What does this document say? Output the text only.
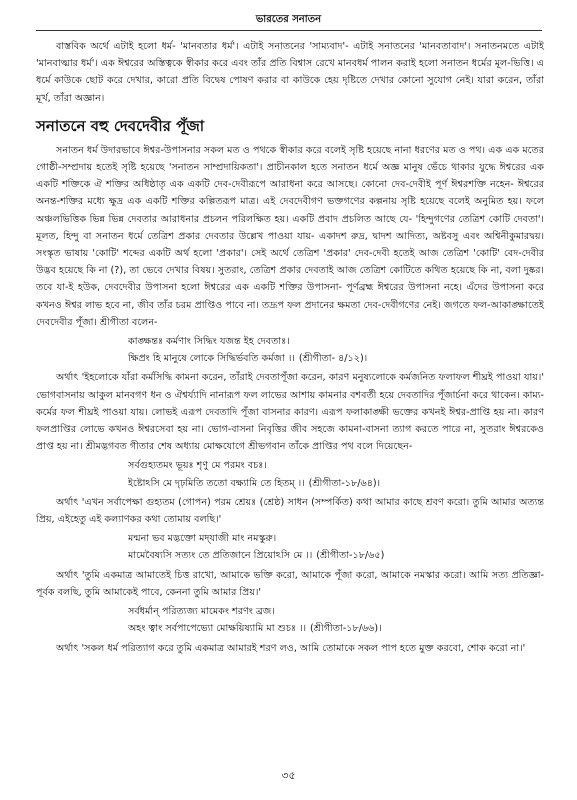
ভারতের সনাতন

বাস্তবিক অর্থে এটাই হলো ধর্ম- 'মানবতার ধর্ম'। এটাই সনাতনের 'সাম্যবাদ'- এটাই সনাতনের 'মানবতাবাদ'। সনাতনমতে এটাই 'মানবাত্মার ধর্ম'। এক ঈশ্বরের অস্তিত্বকে স্বীকার করে এবং তাঁর প্রতি বিশ্বাস রেখে মানবধর্ম পালন করাই হলো সনাতন ধর্মের মূল-ভিত্তি। এ ধর্মে কাউকে ছোট করে দেখার, কারো প্রতি বিদ্বেষ পোষণ করার বা কাউকে হেয় দৃষ্টিতে দেখার কোনো সুযোগ নেই। যারা করেন, তাঁরা মূর্খ, তাঁরা অজ্ঞান।

সনাতনে বহু দেবদেবীর পূঁজা

সনাতন ধর্ম উদারভাবে ঈশ্বর-উপাসনার সকল মত ও পথকে স্বীকার করে বলেই সৃষ্টি হয়েছে নানা ধরণের মত ও পথ। এক এক মতের গোষ্ঠী-সম্প্রদায় হতেই সৃষ্টি হয়েছে 'সনাতন সাম্প্রদায়িকতা'। প্রাচীনকাল হতে সনাতন ধর্মে অজ্ঞ মানুষ ভেঁচে থাকার যুদ্ধে ঈশ্বরের এক একটি শক্তিকে ঐ শক্তির অধিষ্ঠাতৃ এক একটি দেব-দেবীরূপে আরাধনা করে আসছে। কোনো দেব-দেবীই পূর্ণ ঈশ্বরশক্তি নহেন- ঈশ্বরের অনন্ত-শক্তির মধ্যে ক্ষুদ্র এক একটি শক্তির কল্পিতরূপ মাত্র। এই দেবদেবীগণ ভক্তগণের কল্পনায় সৃষ্টি হয়েছে বলেই অনুমিত হয়। ফলে অঞ্চলভিত্তিক ভিন্ন ভিন্ন দেবতার আরাধনার প্রচলন পরিলক্ষিত হয়। একটি প্রবাদ প্রচলিত আছে যে- 'হিন্দুগণের তেত্রিশ কোটি দেবতা'। মূলত, হিন্দু বা সনাতন ধর্মে তেত্রিশ প্রকার দেবতার উল্লেখ পাওয়া যায়- একাদশ রুদ্র, দ্বাদশ আদিত্য, অষ্টবসু এবং অশ্বিনীকুমারদ্বয়। সংস্কৃত ভাষায় 'কোটি' শব্দের একটি অর্থ হলো 'প্রকার'। সেই অর্থে তেত্রিশ 'প্রকার' দেব-দেবী হতেই আজ তেত্রিশ 'কোটি' বেদ-দেবীর উদ্ভব হয়েছে কি না (?), তা ভেবে দেখার বিষয়। সুতরাং, তেত্রিশ প্রকার দেবতাই আজ তেত্রিশ কোটিতে কথিত হয়েছে কি না, বলা দুষ্কর। তবে যা-ই হউক, দেবদেবীর উপাসনা হলো ঈশ্বরের এক একটি শক্তির উপাসনা- পূর্ণব্রহ্ম ঈশ্বরের উপাসনা নহে। এঁদের উপাসনা করে কখনও ঈশ্বর লাভ হবে না, জীব তাঁর চরম প্রাপ্তিও পাবে না। তদ্রূপ ফল প্রদানের ক্ষমতা দেব-দেবীগণের নেই। জগতে ফল-আকাঙ্ক্ষাতেই দেবদেবীর পূঁজা। শ্রীগীতা বলেন-

কাঙ্ক্ষন্তঃ কর্মণাং সিদ্ধিং যজন্ত ইহ দেবতাঃ।
ক্ষিপ্রং হি মানুষে লোকে সিদ্ধির্ভবতি কর্মজা ।। (শ্রীগীতা- ৪/১২)।

অর্থাৎ 'ইহলোকে যাঁরা কর্মসিদ্ধি কামনা করেন, তাঁরাই দেবতাপূঁজা করেন, কারণ মনুষ্যলোকে কর্মজনিত ফলাফল শীঘ্রই পাওয়া যায়।' ভোগবাসনায় আকুল মানবগণ ধন ও ঐশ্বর্য্যাদি নানারূপ ফল লাভের আশায় কামনার বশবর্তী হয়ে দেবতাদির পূঁজার্চনা করে থাকেন। কাম্য-কর্মের ফল শীঘ্রই পাওয়া যায়। লোভই এরূপ দেবতাদি পূঁজা বাসনার কারণ। এরূপ ফলাকাঙ্ক্ষী ভক্তের কখনই ঈশ্বর-প্রাপ্তি হয় না। কারণ ফলপ্রাপ্তির লোভে কখনও ঈশ্বরসেবা হয় না। ভোগ-বাসনা নিবৃত্তির জীব সহজে কামনা-বাসনা ত্যাগ করতে পারে না, সুতরাং ঈশ্বরকেও প্রাপ্ত হয় না। শ্রীমদ্ভগবত গীতার শেষ অধ্যায় মোক্ষযোগে শ্রীভগবান তাঁকে প্রাপ্তির পথ বলে দিয়েছেন-

সর্বগুহ্যতমং ভূয়ঃ শৃণু মে পরমং বচঃ।
ইষ্টোঽসি মে দৃঢ়মিতি ততো বক্ষ্যামি তে হিতম্ ।। (শ্রীগীতা-১৮/৬৪)।

অর্থাৎ 'এখন সর্বাপেক্ষা গুহ্যতম (গোপন) পরম শ্রেয়ঃ (শ্রেষ্ঠ) সাধন (সম্পর্কিত) কথা আমার কাছে শ্রবণ করো। তুমি আমার অত্যন্ত প্রিয়, এইহেতু এই কল্যাণকর কথা তোমায় বলছি।'

মন্মনা ভব মদ্ভক্তো মদ্‌যাজী মাং নমস্কুরু।
মামেবৈষ্যসি সত্যং তে প্রতিজানে প্রিয়োঽসি মে ।। (শ্রীগীতা-১৮/৬৫)

অর্থাৎ 'তুমি একমাত্র আমাতেই চিত্ত রাখো, আমাকে ভক্তি করো, আমাকে পূঁজা করো, আমাকে নমস্কার করো। আমি সত্য প্রতিজ্ঞা-পূর্বক বলছি, তুমি আমাকেই পাবে, কেননা তুমি আমার প্রিয়।'

সর্বধর্মান্ পরিত্যজ্য মামেকং শরণং ব্রজ।
অহং ত্বাং সর্বপাপেভ্যো মোক্ষয়িষ্যামি মা শুচঃ ।। (শ্রীগীতা-১৮/৬৬)।

অর্থাৎ 'সকল ধর্ম পরিত্যাগ করে তুমি একমাত্র আমারই শরণ লও, আমি তোমাকে সকল পাপ হতে মুক্ত করবো, শোক করো না।'

৩৫
